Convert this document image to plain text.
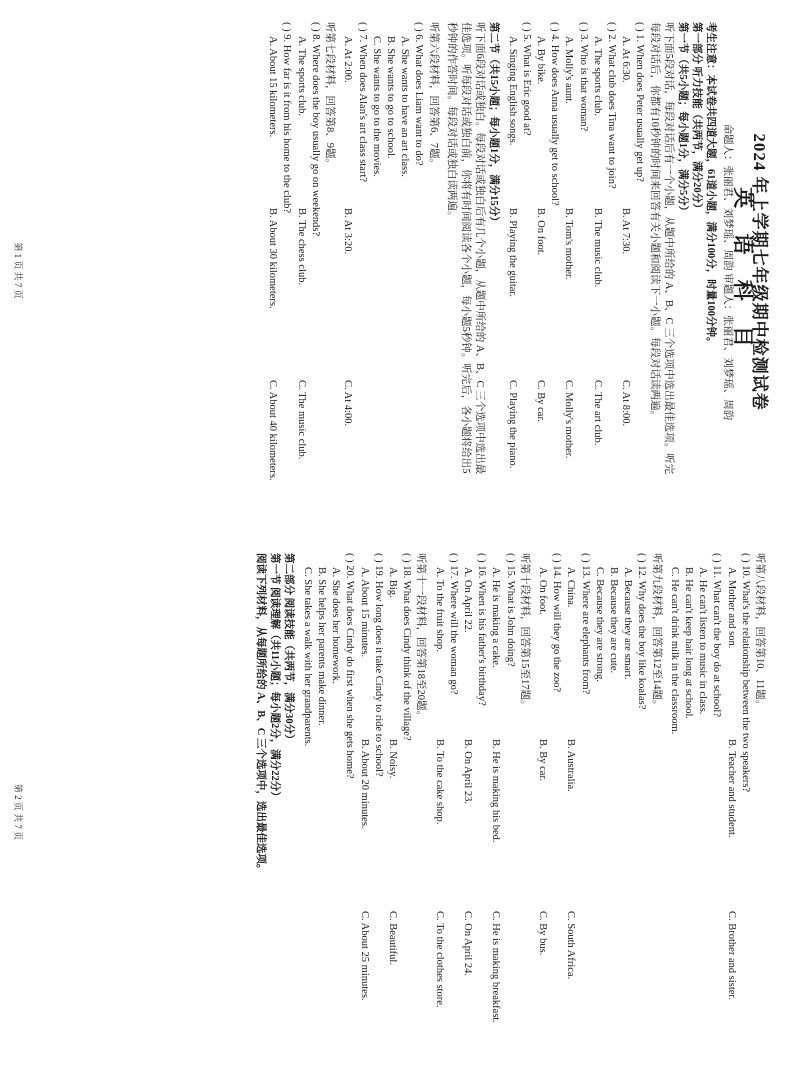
2024 年上学期七年级期中检测试卷
英 语 科 目
命题人：张丽君、刘梦瑶、周韵 审题人：张丽君、刘梦瑶、周韵
考生注意：本试卷共四道大题，61道小题，满分100分，时量100分钟。
第一部分 听力技能（共两节，满分20分）
第一节（共5小题；每小题1分，满分5分）
听下面5段对话，每段对话后有一个小题，从题中所给的 A、B、C 三个选项中选出最佳选项。听完
每段对话后，你都有10秒钟的时间来回答有关小题和阅读下一小题。每段对话读两遍。
( ) 1. When does Peter usually get up?
A. At 6:30.
B. At 7:30.
C. At 8:00.
( ) 2. What club does Tina want to join?
A. The sports club.
B. The music club.
C. The art club.
( ) 3. Who is that woman?
A. Molly's aunt.
B. Tom's mother.
C. Molly's mother.
( ) 4. How does Anna usually get to school?
A. By bike.
B. On foot.
C. By car.
( ) 5. What is Eric good at?
A. Singing English songs.
B. Playing the guitar.
C. Playing the piano.
第二节（共15小题；每小题1分，满分15分）
听下面6段对话或独白。每段对话或独白后有几个小题，从题中所给的 A、B、C 三个选项中选出最
佳选项。听每段对话或独白前，你将有时间阅读各个小题，每小题5秒钟。听完后，各小题将给出5
秒钟的作答时间。每段对话或独白读两遍。
听第六段材料，回答第6、7题。
( ) 6. What does Liam want to do?
A. She wants to have an art class.
B. She wants to go to school.
C. She wants to go to the movies.
( ) 7. When does Alan's art class start?
A. At 2:00.
B. At 3:20.
C. At 4:00.
听第七段材料，回答第8、9题。
( ) 8. Where does the boy usually go on weekends?
A. The sports club.
B. The chess club.
C. The music club.
( ) 9. How far is it from his home to the club?
A. About 15 kilometers.
B. About 30 kilometers.
C. About 40 kilometers.
第 1 页 共 7 页
听第八段材料，回答第10、11题。
( ) 10. What's the relationship between the two speakers?
A. Mother and son.
B. Teacher and student.
C. Brother and sister.
( ) 11. What can't the boy do at school?
A. He can't listen to music in class.
B. He can't keep hair long at school.
C. He can't drink milk in the classroom.
听第九段材料，回答第12至14题。
( ) 12. Why does the boy like koalas?
A. Because they are smart.
B. Because they are cute.
C. Because they are strong.
( ) 13. Where are elephants from?
A. China.
B. Australia.
C. South Africa.
( ) 14. How will they go the zoo?
A. On foot.
B. By car.
C. By bus.
听第十段材料，回答第15至17题。
( ) 15. What is John doing?
A. He is making a cake.
B. He is making his bed.
C. He is making breakfast.
( ) 16. When is his father's birthday?
A. On April 22.
B. On April 23.
C. On April 24.
( ) 17. Where will the woman go?
A. To the fruit shop.
B. To the cake shop.
C. To the clothes store.
听第十一段材料，回答第18至20题。
( ) 18. What does Cindy think of the village?
A. Big.
B. Noisy.
C. Beautiful.
( ) 19. How long does it take Cindy to ride to school?
A. About 15 minutes.
B. About 20 minutes.
C. About 25 minutes.
( ) 20. What does Cindy do first when she gets home?
A. She does her homework.
B. She helps her parents make dinner.
C. She takes a walk with her grandparents.
第二部分 阅读技能（共两节，满分30分）
第一节 阅读理解（共11小题；每小题2分，满分22分）
阅读下列材料，从每题所给的 A、B、C 三个选项中，选出最佳选项。
第 2 页 共 7 页
